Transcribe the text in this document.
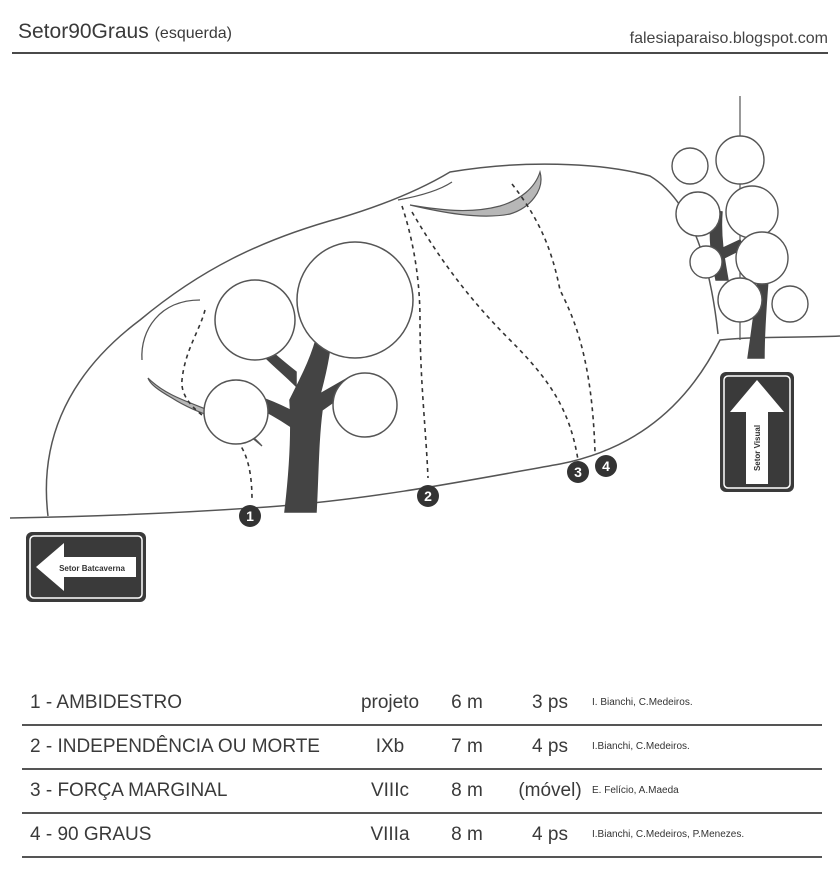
Setor90Graus (esquerda)	falesiaparaiso.blogspot.com
1
2
3 4
Setor Batcaverna
Setor Visual
1 - AMBIDESTRO	projeto	6 m	3 ps	I. Bianchi, C.Medeiros.
2 - INDEPENDÊNCIA OU MORTE	IXb	7 m	4 ps	I.Bianchi, C.Medeiros.
3 - FORÇA MARGINAL	VIIIc	8 m	(móvel)	E. Felício, A.Maeda
4 - 90 GRAUS	VIIIa	8 m	4 ps	I.Bianchi, C.Medeiros, P.Menezes.
